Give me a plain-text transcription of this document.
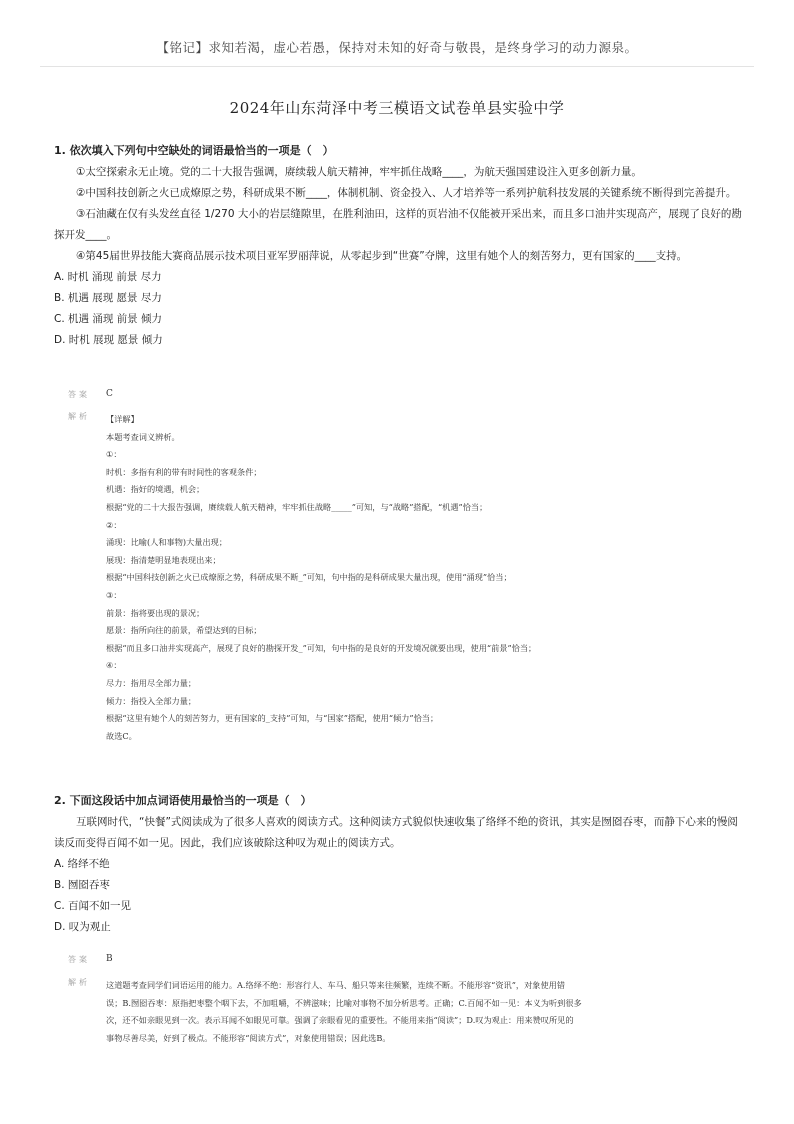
【铭记】求知若渴，虚心若愚，保持对未知的好奇与敬畏，是终身学习的动力源泉。
2024年山东菏泽中考三模语文试卷单县实验中学

1. 依次填入下列句中空缺处的词语最恰当的一项是（　）

①太空探索永无止境。党的二十大报告强调，赓续载人航天精神，牢牢抓住战略____，为航天强国建设注入更多创新力量。

②中国科技创新之火已成燎原之势，科研成果不断____，体制机制、资金投入、人才培养等一系列护航科技发展的关键系统不断得到完善提升。

③石油藏在仅有头发丝直径 1/270 大小的岩层缝隙里，在胜利油田，这样的页岩油不仅能被开采出来，而且多口油井实现高产，展现了良好的勘探开发____。

④第45届世界技能大赛商品展示技术项目亚军罗丽萍说，从零起步到“世赛”夺牌，这里有她个人的刻苦努力，更有国家的____支持。

A. 时机 涌现 前景 尽力

B. 机遇 展现 愿景 尽力

C. 机遇 涌现 前景 倾力

D. 时机 展现 愿景 倾力

答案 C
解析 【详解】
本题考查词义辨析。
①：
时机：多指有利的带有时间性的客观条件；
机遇：指好的境遇，机会；
根据“党的二十大报告强调，赓续载人航天精神，牢牢抓住战略_____”可知，与“战略”搭配，“机遇”恰当；
②：
涌现：比喻(人和事物)大量出现；
展现：指清楚明显地表现出来；
根据“中国科技创新之火已成燎原之势，科研成果不断_”可知，句中指的是科研成果大量出现，使用“涌现”恰当；
③：
前景：指将要出现的景况；
愿景：指所向往的前景，希望达到的目标；
根据“而且多口油井实现高产，展现了良好的勘探开发_”可知，句中指的是良好的开发境况就要出现，使用“前景”恰当；
④：
尽力：指用尽全部力量；
倾力：指投入全部力量；
根据“这里有她个人的刻苦努力，更有国家的_支持”可知，与“国家”搭配，使用“倾力”恰当；
故选C。

2. 下面这段话中加点词语使用最恰当的一项是（　）

互联网时代，“快餐”式阅读成为了很多人喜欢的阅读方式。这种阅读方式貌似快速收集了络绎不绝的资讯，其实是囫囵吞枣，而静下心来的慢阅读反而变得百闻不如一见。因此，我们应该破除这种叹为观止的阅读方式。

A. 络绎不绝

B. 囫囵吞枣

C. 百闻不如一见

D. 叹为观止

答案 B
解析 这道题考查同学们词语运用的能力。A.络绎不绝：形容行人、车马、船只等来往频繁，连续不断。不能形容“资讯”，对象使用错
误；B.囫囵吞枣：原指把枣整个咽下去，不加咀嚼，不辨滋味；比喻对事物不加分析思考。正确；C.百闻不如一见：本义为听到很多
次，还不如亲眼见到一次。表示耳闻不如眼见可靠。强调了亲眼看见的重要性。不能用来指“阅读”；D.叹为观止：用来赞叹所见的
事物尽善尽美，好到了极点。不能形容“阅读方式”，对象使用错误；因此选B。
